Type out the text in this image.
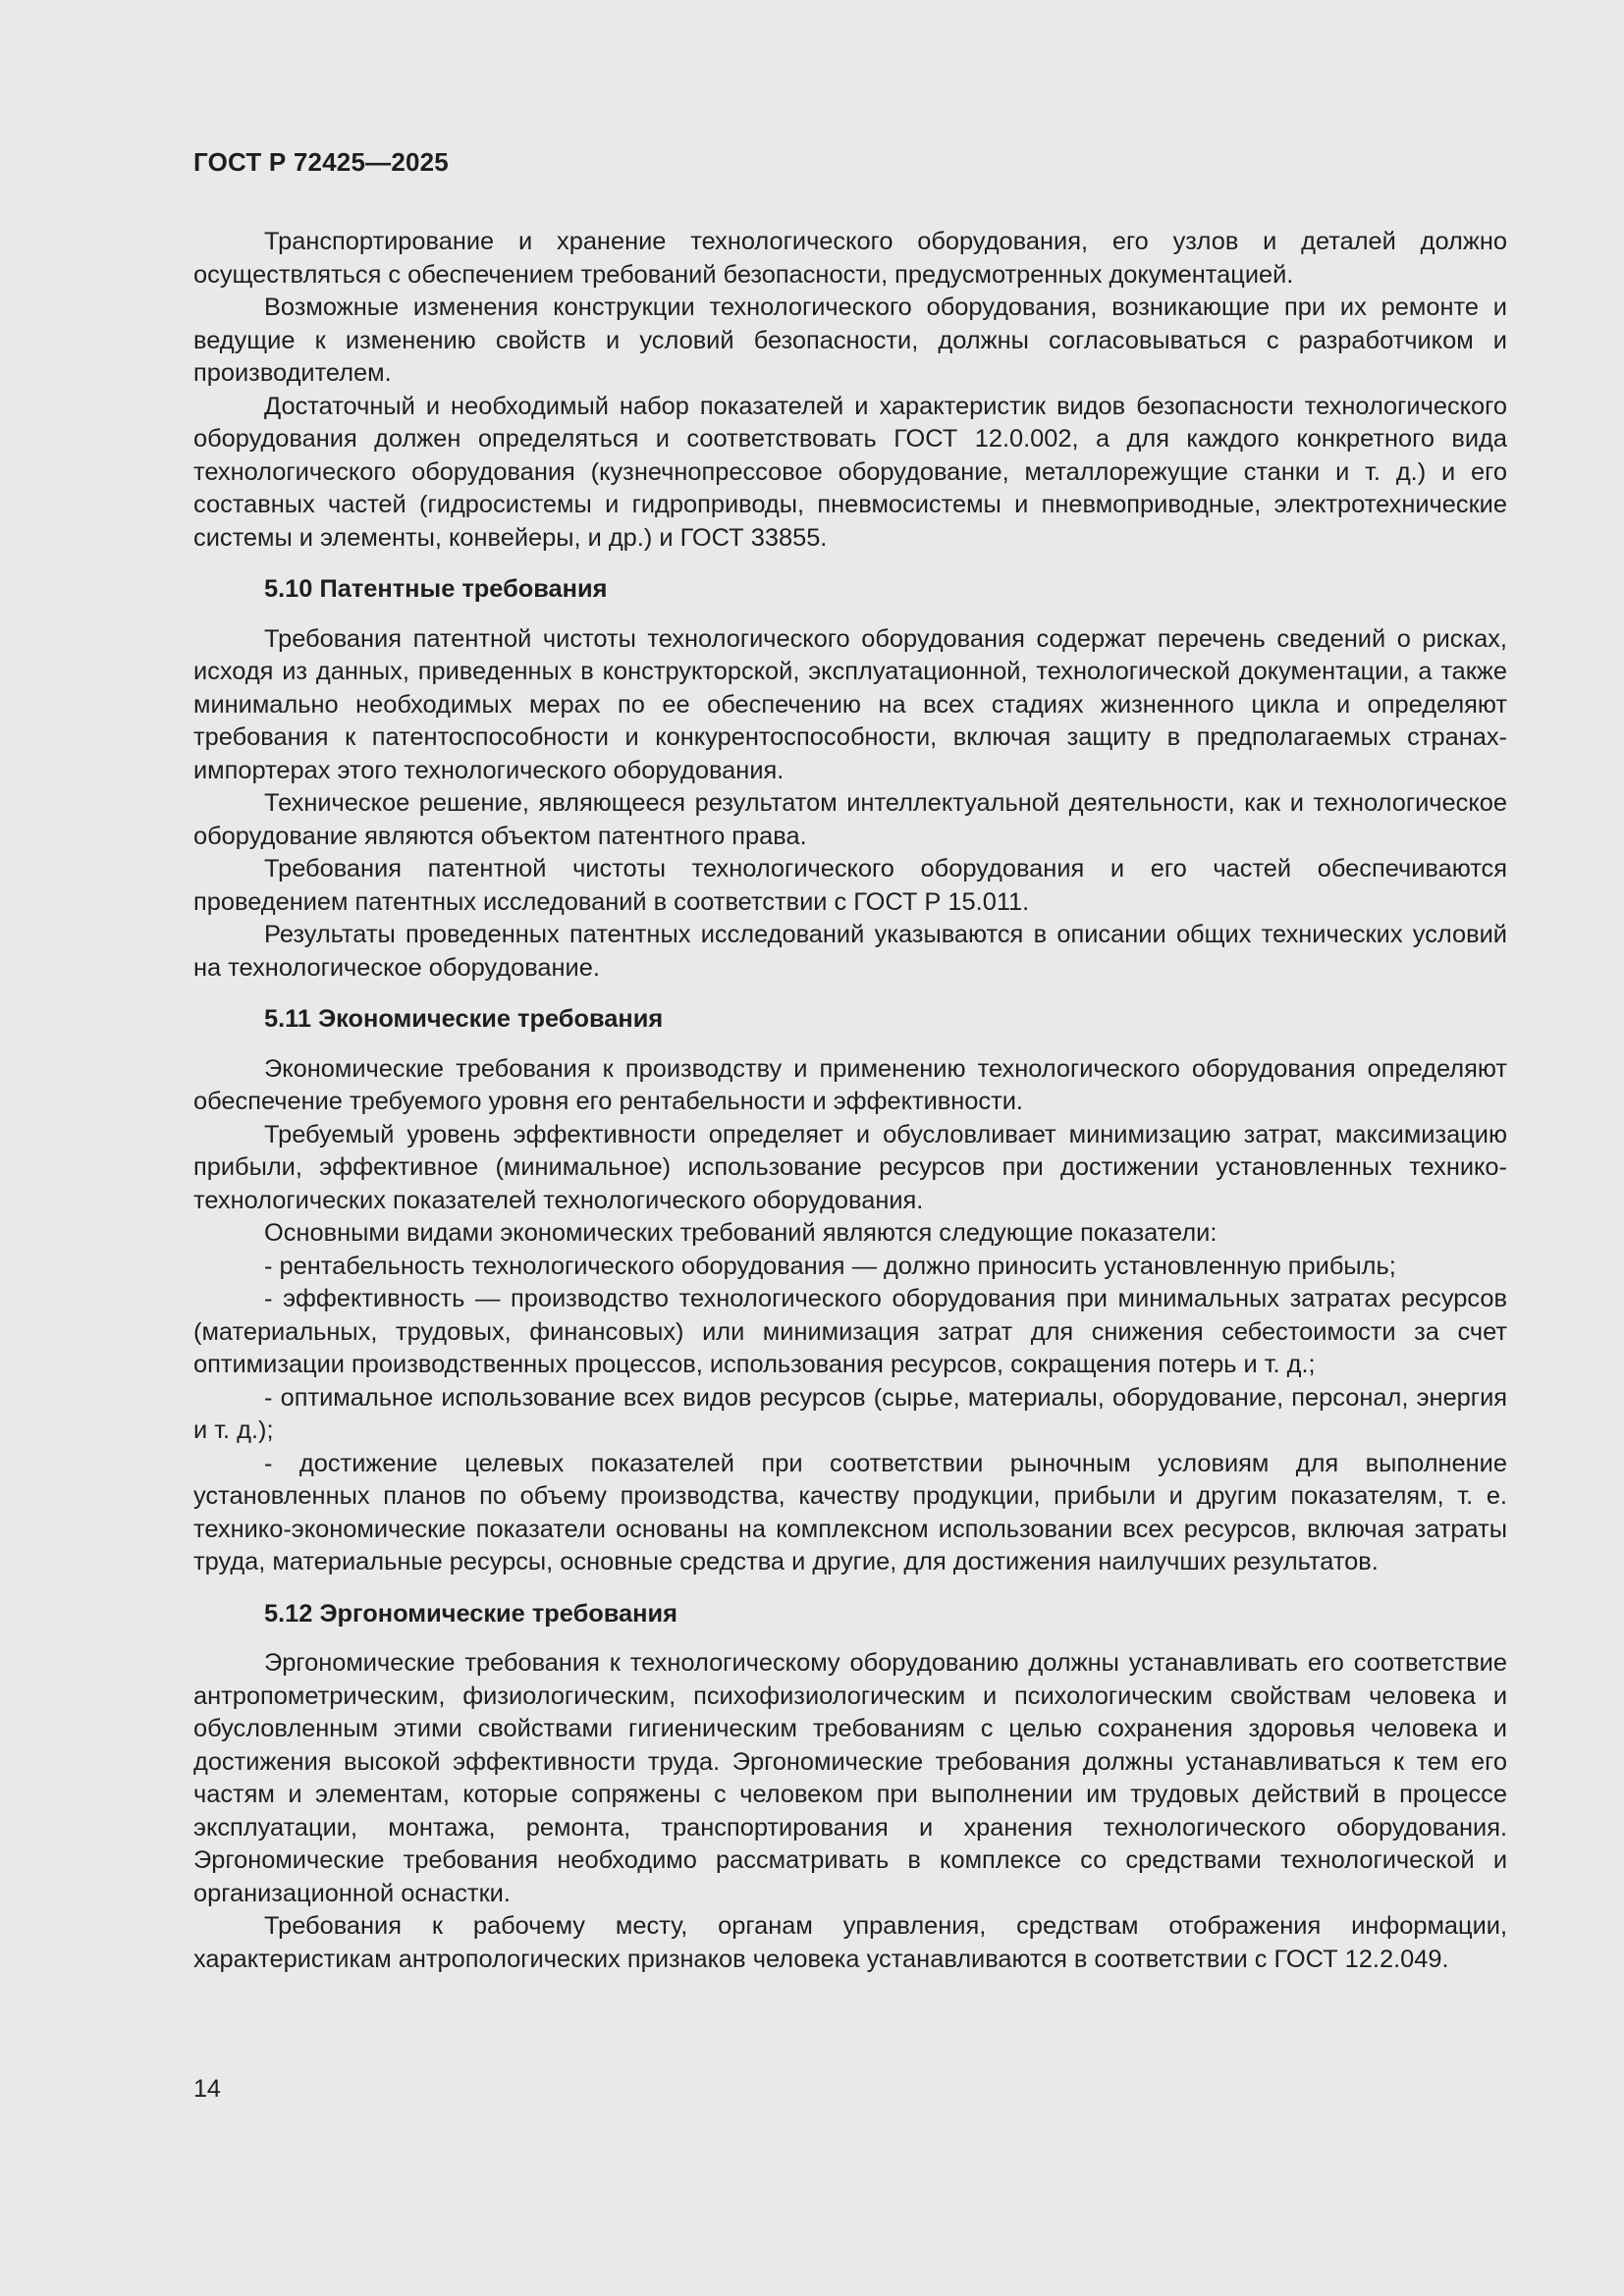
ГОСТ Р 72425—2025

Транспортирование и хранение технологического оборудования, его узлов и деталей должно осуществляться с обеспечением требований безопасности, предусмотренных документацией.

Возможные изменения конструкции технологического оборудования, возникающие при их ремонте и ведущие к изменению свойств и условий безопасности, должны согласовываться с разработчиком и производителем.

Достаточный и необходимый набор показателей и характеристик видов безопасности технологического оборудования должен определяться и соответствовать ГОСТ 12.0.002, а для каждого конкретного вида технологического оборудования (кузнечнопрессовое оборудование, металлорежущие станки и т. д.) и его составных частей (гидросистемы и гидроприводы, пневмосистемы и пневмоприводные, электротехнические системы и элементы, конвейеры, и др.) и ГОСТ 33855.

5.10 Патентные требования

Требования патентной чистоты технологического оборудования содержат перечень сведений о рисках, исходя из данных, приведенных в конструкторской, эксплуатационной, технологической документации, а также минимально необходимых мерах по ее обеспечению на всех стадиях жизненного цикла и определяют требования к патентоспособности и конкурентоспособности, включая защиту в предполагаемых странах-импортерах этого технологического оборудования.

Техническое решение, являющееся результатом интеллектуальной деятельности, как и технологическое оборудование являются объектом патентного права.

Требования патентной чистоты технологического оборудования и его частей обеспечиваются проведением патентных исследований в соответствии с ГОСТ Р 15.011.

Результаты проведенных патентных исследований указываются в описании общих технических условий на технологическое оборудование.

5.11 Экономические требования

Экономические требования к производству и применению технологического оборудования определяют обеспечение требуемого уровня его рентабельности и эффективности.

Требуемый уровень эффективности определяет и обусловливает минимизацию затрат, максимизацию прибыли, эффективное (минимальное) использование ресурсов при достижении установленных технико-технологических показателей технологического оборудования.

Основными видами экономических требований являются следующие показатели:

- рентабельность технологического оборудования — должно приносить установленную прибыль;

- эффективность — производство технологического оборудования при минимальных затратах ресурсов (материальных, трудовых, финансовых) или минимизация затрат для снижения себестоимости за счет оптимизации производственных процессов, использования ресурсов, сокращения потерь и т. д.;

- оптимальное использование всех видов ресурсов (сырье, материалы, оборудование, персонал, энергия и т. д.);

- достижение целевых показателей при соответствии рыночным условиям для выполнение установленных планов по объему производства, качеству продукции, прибыли и другим показателям, т. е. технико-экономические показатели основаны на комплексном использовании всех ресурсов, включая затраты труда, материальные ресурсы, основные средства и другие, для достижения наилучших результатов.

5.12 Эргономические требования

Эргономические требования к технологическому оборудованию должны устанавливать его соответствие антропометрическим, физиологическим, психофизиологическим и психологическим свойствам человека и обусловленным этими свойствами гигиеническим требованиям с целью сохранения здоровья человека и достижения высокой эффективности труда. Эргономические требования должны устанавливаться к тем его частям и элементам, которые сопряжены с человеком при выполнении им трудовых действий в процессе эксплуатации, монтажа, ремонта, транспортирования и хранения технологического оборудования. Эргономические требования необходимо рассматривать в комплексе со средствами технологической и организационной оснастки.

Требования к рабочему месту, органам управления, средствам отображения информации, характеристикам антропологических признаков человека устанавливаются в соответствии с ГОСТ 12.2.049.

14
